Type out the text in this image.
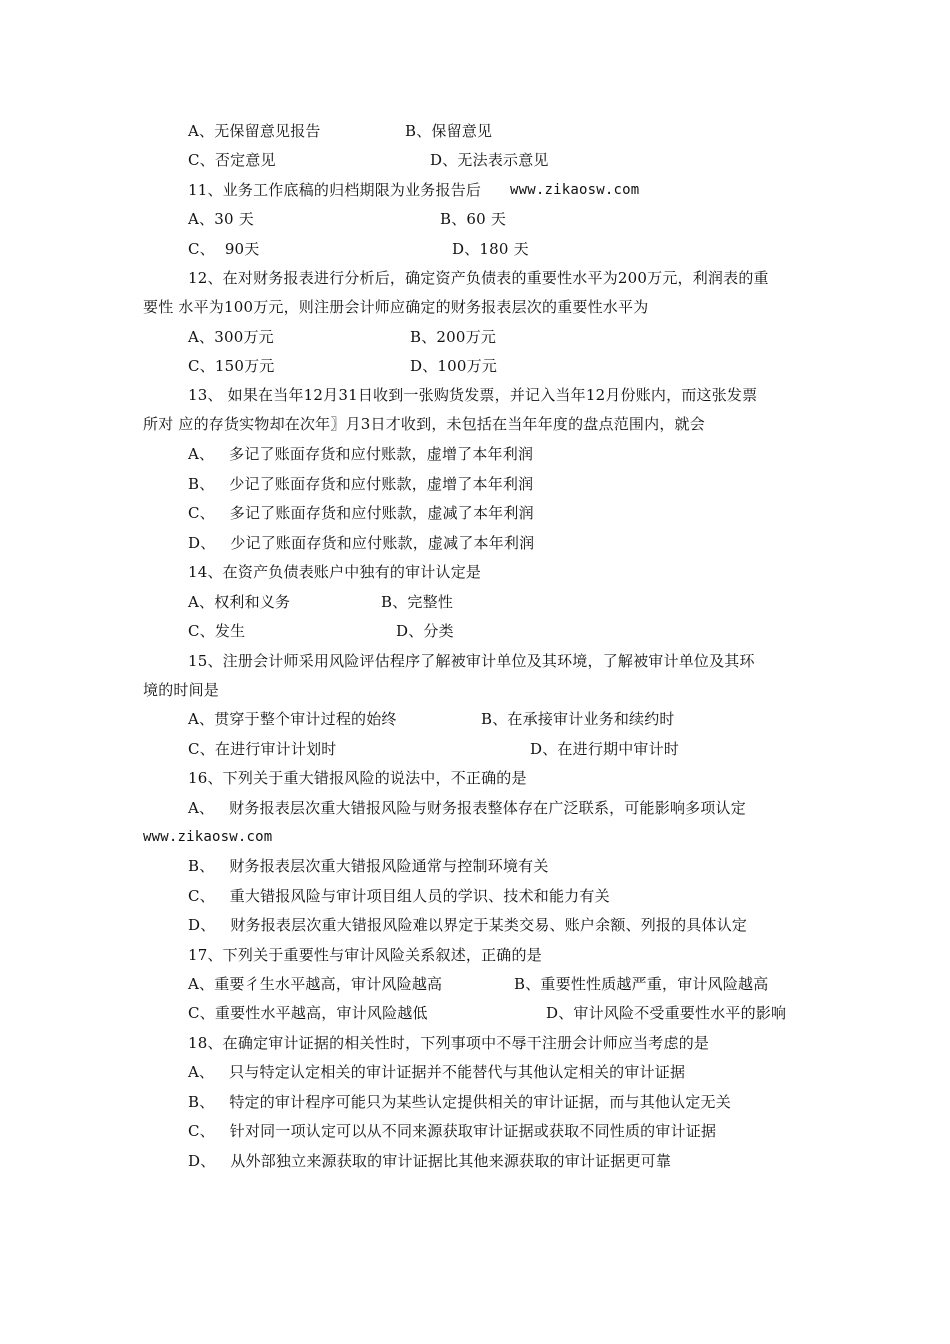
A、无保留意见报告	B、保留意见
C、否定意见	D、无法表示意见
11、业务工作底稿的归档期限为业务报告后 www.zikaosw.com
A、30 天	B、60 天
C、  90天	D、180 天
12、在对财务报表进行分析后，确定资产负债表的重要性水平为200万元，利润表的重
要性 水平为100万元，则注册会计师应确定的财务报表层次的重要性水平为
A、300万元	B、200万元
C、150万元	D、100万元
13、 如果在当年12月31日收到一张购货发票，并记入当年12月份账内，而这张发票
所对 应的存货实物却在次年〗月3日才收到，未包括在当年年度的盘点范围内，就会
A、   多记了账面存货和应付账款，虚增了本年利润
B、   少记了账面存货和应付账款，虚增了本年利润
C、   多记了账面存货和应付账款，虚减了本年利润
D、   少记了账面存货和应付账款，虚减了本年利润
14、在资产负债表账户中独有的审计认定是
A、权利和义务	B、完整性
C、发生	D、分类
15、注册会计师采用风险评估程序了解被审计单位及其环境，了解被审计单位及其环
境的时间是
A、贯穿于整个审计过程的始终	B、在承接审计业务和续约时
C、在进行审计计划时	D、在进行期中审计时
16、下列关于重大错报风险的说法中，不正确的是
A、   财务报表层次重大错报风险与财务报表整体存在广泛联系，可能影响多项认定
www.zikaosw.com
B、   财务报表层次重大错报风险通常与控制环境有关
C、   重大错报风险与审计项目组人员的学识、技术和能力有关
D、   财务报表层次重大错报风险难以界定于某类交易、账户余额、列报的具体认定
17、下列关于重要性与审计风险关系叙述，正确的是
A、重要彳生水平越高，审计风险越高	B、重要性性质越严重，审计风险越高
C、重要性水平越高，审计风险越低	D、审计风险不受重要性水平的影响
18、在确定审计证据的相关性时，下列事项中不辱干注册会计师应当考虑的是
A、   只与特定认定相关的审计证据并不能替代与其他认定相关的审计证据
B、   特定的审计程序可能只为某些认定提供相关的审计证据，而与其他认定无关
C、   针对同一项认定可以从不同来源获取审计证据或获取不同性质的审计证据
D、   从外部独立来源获取的审计证据比其他来源获取的审计证据更可靠
